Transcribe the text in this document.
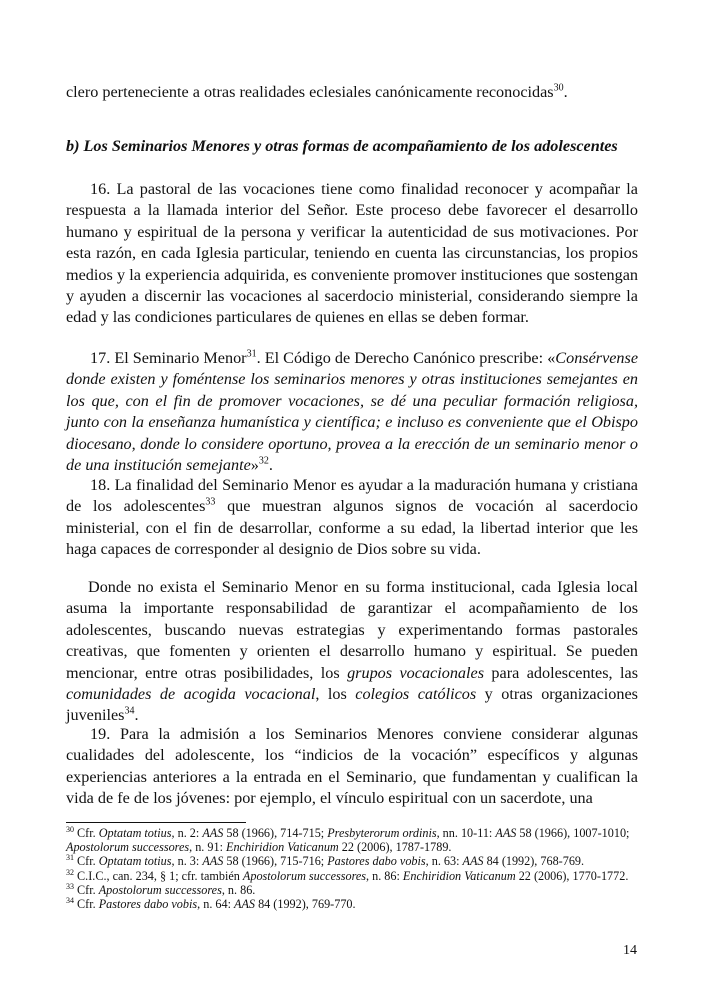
clero perteneciente a otras realidades eclesiales canónicamente reconocidas$^{30}$.

b) Los Seminarios Menores y otras formas de acompañamiento de los adolescentes

16. La pastoral de las vocaciones tiene como finalidad reconocer y acompañar la respuesta a la llamada interior del Señor. Este proceso debe favorecer el desarrollo humano y espiritual de la persona y verificar la autenticidad de sus motivaciones. Por esta razón, en cada Iglesia particular, teniendo en cuenta las circunstancias, los propios medios y la experiencia adquirida, es conveniente promover instituciones que sostengan y ayuden a discernir las vocaciones al sacerdocio ministerial, considerando siempre la edad y las condiciones particulares de quienes en ellas se deben formar.

17. El Seminario Menor$^{31}$. El Código de Derecho Canónico prescribe: «Consérvense donde existen y foméntense los seminarios menores y otras instituciones semejantes en los que, con el fin de promover vocaciones, se dé una peculiar formación religiosa, junto con la enseñanza humanística y científica; e incluso es conveniente que el Obispo diocesano, donde lo considere oportuno, provea a la erección de un seminario menor o de una institución semejante»$^{32}$.

18. La finalidad del Seminario Menor es ayudar a la maduración humana y cristiana de los adolescentes$^{33}$ que muestran algunos signos de vocación al sacerdocio ministerial, con el fin de desarrollar, conforme a su edad, la libertad interior que les haga capaces de corresponder al designio de Dios sobre su vida.

Donde no exista el Seminario Menor en su forma institucional, cada Iglesia local asuma la importante responsabilidad de garantizar el acompañamiento de los adolescentes, buscando nuevas estrategias y experimentando formas pastorales creativas, que fomenten y orienten el desarrollo humano y espiritual. Se pueden mencionar, entre otras posibilidades, los grupos vocacionales para adolescentes, las comunidades de acogida vocacional, los colegios católicos y otras organizaciones juveniles$^{34}$.

19. Para la admisión a los Seminarios Menores conviene considerar algunas cualidades del adolescente, los “indicios de la vocación” específicos y algunas experiencias anteriores a la entrada en el Seminario, que fundamentan y cualifican la vida de fe de los jóvenes: por ejemplo, el vínculo espiritual con un sacerdote, una

$^{30}$ Cfr. Optatam totius, n. 2: AAS 58 (1966), 714-715; Presbyterorum ordinis, nn. 10-11: AAS 58 (1966), 1007-1010; Apostolorum successores, n. 91: Enchiridion Vaticanum 22 (2006), 1787-1789.

$^{31}$ Cfr. Optatam totius, n. 3: AAS 58 (1966), 715-716; Pastores dabo vobis, n. 63: AAS 84 (1992), 768-769.

$^{32}$ C.I.C., can. 234, § 1; cfr. también Apostolorum successores, n. 86: Enchiridion Vaticanum 22 (2006), 1770-1772.

$^{33}$ Cfr. Apostolorum successores, n. 86.

$^{34}$ Cfr. Pastores dabo vobis, n. 64: AAS 84 (1992), 769-770.

14
